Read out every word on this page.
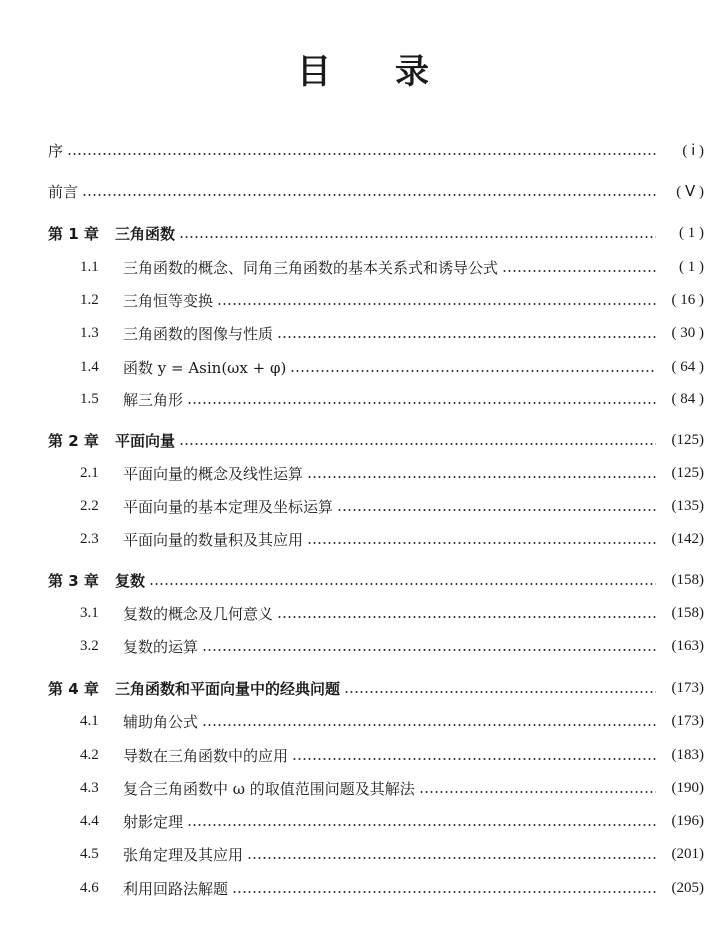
目 录
序	( ⅰ )
前言	( Ⅴ )
第 1 章	三角函数	( 1 )
1.1	三角函数的概念、同角三角函数的基本关系式和诱导公式	( 1 )
1.2	三角恒等变换	( 16 )
1.3	三角函数的图像与性质	( 30 )
1.4	函数 y = Asin(ωx + φ)	( 64 )
1.5	解三角形	( 84 )
第 2 章	平面向量	(125)
2.1	平面向量的概念及线性运算	(125)
2.2	平面向量的基本定理及坐标运算	(135)
2.3	平面向量的数量积及其应用	(142)
第 3 章	复数	(158)
3.1	复数的概念及几何意义	(158)
3.2	复数的运算	(163)
第 4 章	三角函数和平面向量中的经典问题	(173)
4.1	辅助角公式	(173)
4.2	导数在三角函数中的应用	(183)
4.3	复合三角函数中 ω 的取值范围问题及其解法	(190)
4.4	射影定理	(196)
4.5	张角定理及其应用	(201)
4.6	利用回路法解题	(205)
